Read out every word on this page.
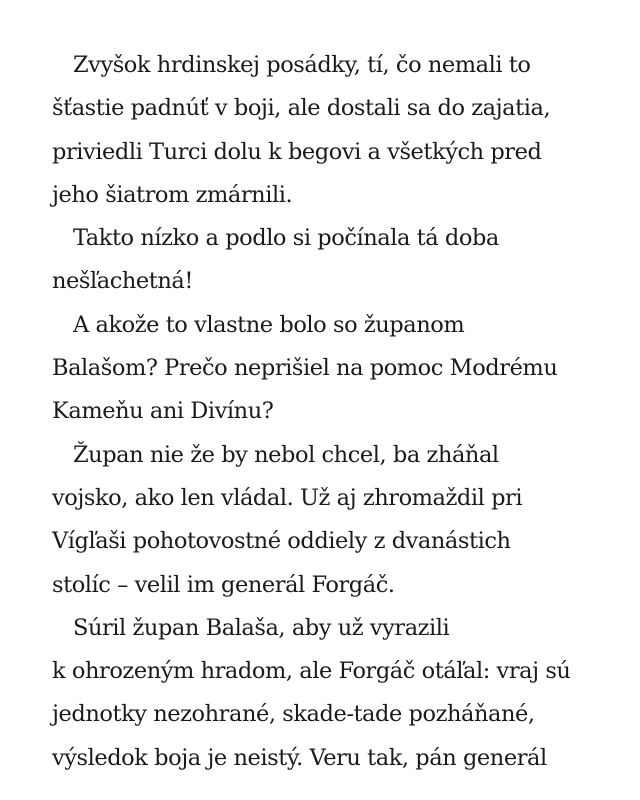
Zvyšok hrdinskej posádky, tí, čo nemali to
šťastie padnúť v boji, ale dostali sa do zajatia,
priviedli Turci dolu k begovi a všetkých pred
jeho šiatrom zmárnili.
Takto nízko a podlo si počínala tá doba
nešľachetná!
A akože to vlastne bolo so županom
Balašom? Prečo neprišiel na pomoc Modrému
Kameňu ani Divínu?
Župan nie že by nebol chcel, ba zháňal
vojsko, ako len vládal. Už aj zhromaždil pri
Vígľaši pohotovostné oddiely z dvanástich
stolíc – velil im generál Forgáč.
Súril župan Balaša, aby už vyrazili
k ohrozeným hradom, ale Forgáč otáľal: vraj sú
jednotky nezohrané, skade-tade pozháňané,
výsledok boja je neistý. Veru tak, pán generál
